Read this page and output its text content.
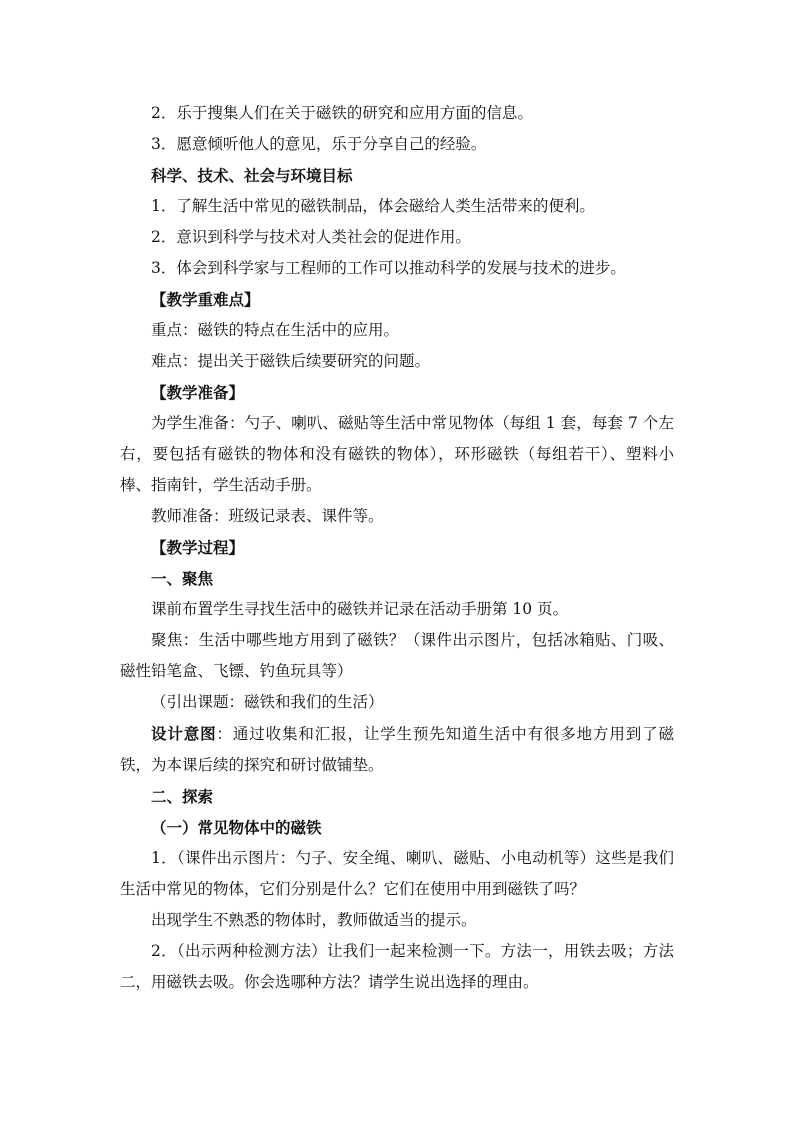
2．乐于搜集人们在关于磁铁的研究和应用方面的信息。

3．愿意倾听他人的意见，乐于分享自己的经验。

科学、技术、社会与环境目标

1．了解生活中常见的磁铁制品，体会磁给人类生活带来的便利。

2．意识到科学与技术对人类社会的促进作用。

3．体会到科学家与工程师的工作可以推动科学的发展与技术的进步。

【教学重难点】

重点：磁铁的特点在生活中的应用。

难点：提出关于磁铁后续要研究的问题。

【教学准备】

为学生准备：勺子、喇叭、磁贴等生活中常见物体（每组 1 套，每套 7 个左右，要包括有磁铁的物体和没有磁铁的物体），环形磁铁（每组若干）、塑料小棒、指南针，学生活动手册。

教师准备：班级记录表、课件等。

【教学过程】

一、聚焦

课前布置学生寻找生活中的磁铁并记录在活动手册第 10 页。

聚焦：生活中哪些地方用到了磁铁？（课件出示图片，包括冰箱贴、门吸、磁性铅笔盒、飞镖、钓鱼玩具等）

（引出课题：磁铁和我们的生活）

设计意图：通过收集和汇报，让学生预先知道生活中有很多地方用到了磁铁，为本课后续的探究和研讨做铺垫。

二、探索

（一）常见物体中的磁铁

1．（课件出示图片：勺子、安全绳、喇叭、磁贴、小电动机等）这些是我们生活中常见的物体，它们分别是什么？它们在使用中用到磁铁了吗？

出现学生不熟悉的物体时，教师做适当的提示。

2．（出示两种检测方法）让我们一起来检测一下。方法一，用铁去吸；方法二，用磁铁去吸。你会选哪种方法？请学生说出选择的理由。
